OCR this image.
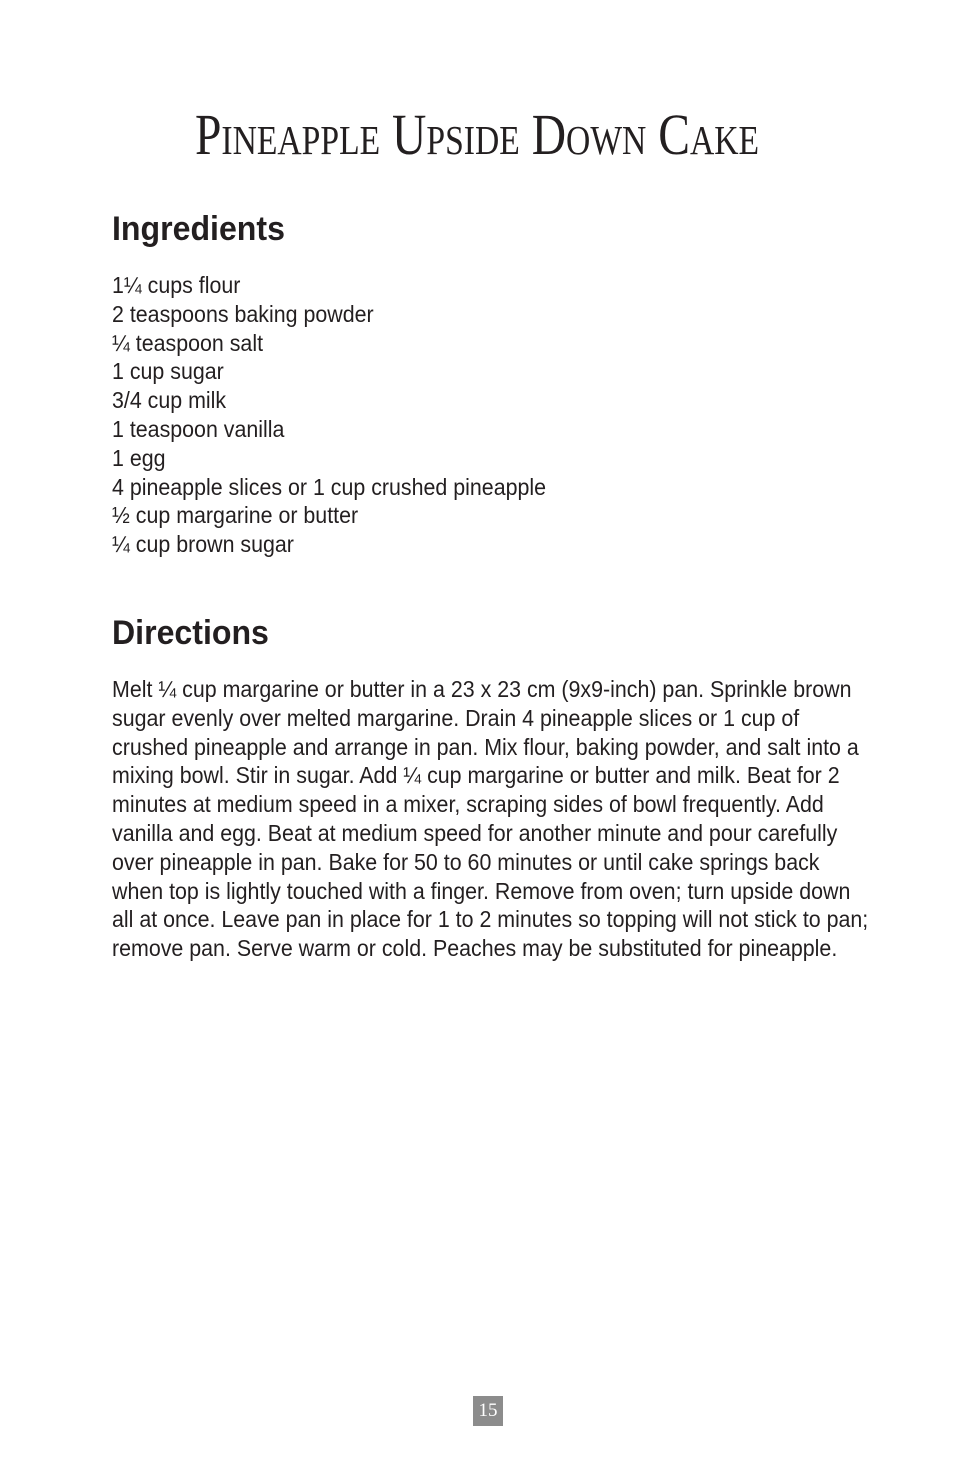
Pineapple Upside Down Cake
Ingredients
1¼ cups flour
2 teaspoons baking powder
¼ teaspoon salt
1 cup sugar
3/4 cup milk
1 teaspoon vanilla
1 egg
4 pineapple slices or 1 cup crushed pineapple
½ cup margarine or butter
¼ cup brown sugar
Directions

Melt ¼ cup margarine or butter in a 23 x 23 cm (9x9-inch) pan. Sprinkle brown sugar evenly over melted margarine. Drain 4 pineapple slices or 1 cup of crushed pineapple and arrange in pan. Mix flour, baking powder, and salt into a mixing bowl. Stir in sugar. Add ¼ cup margarine or butter and milk. Beat for 2 minutes at medium speed in a mixer, scraping sides of bowl frequently. Add vanilla and egg. Beat at medium speed for another minute and pour carefully over pineapple in pan. Bake for 50 to 60 minutes or until cake springs back when top is lightly touched with a finger. Remove from oven; turn upside down all at once. Leave pan in place for 1 to 2 minutes so topping will not stick to pan; remove pan. Serve warm or cold. Peaches may be substituted for pineapple.

15
